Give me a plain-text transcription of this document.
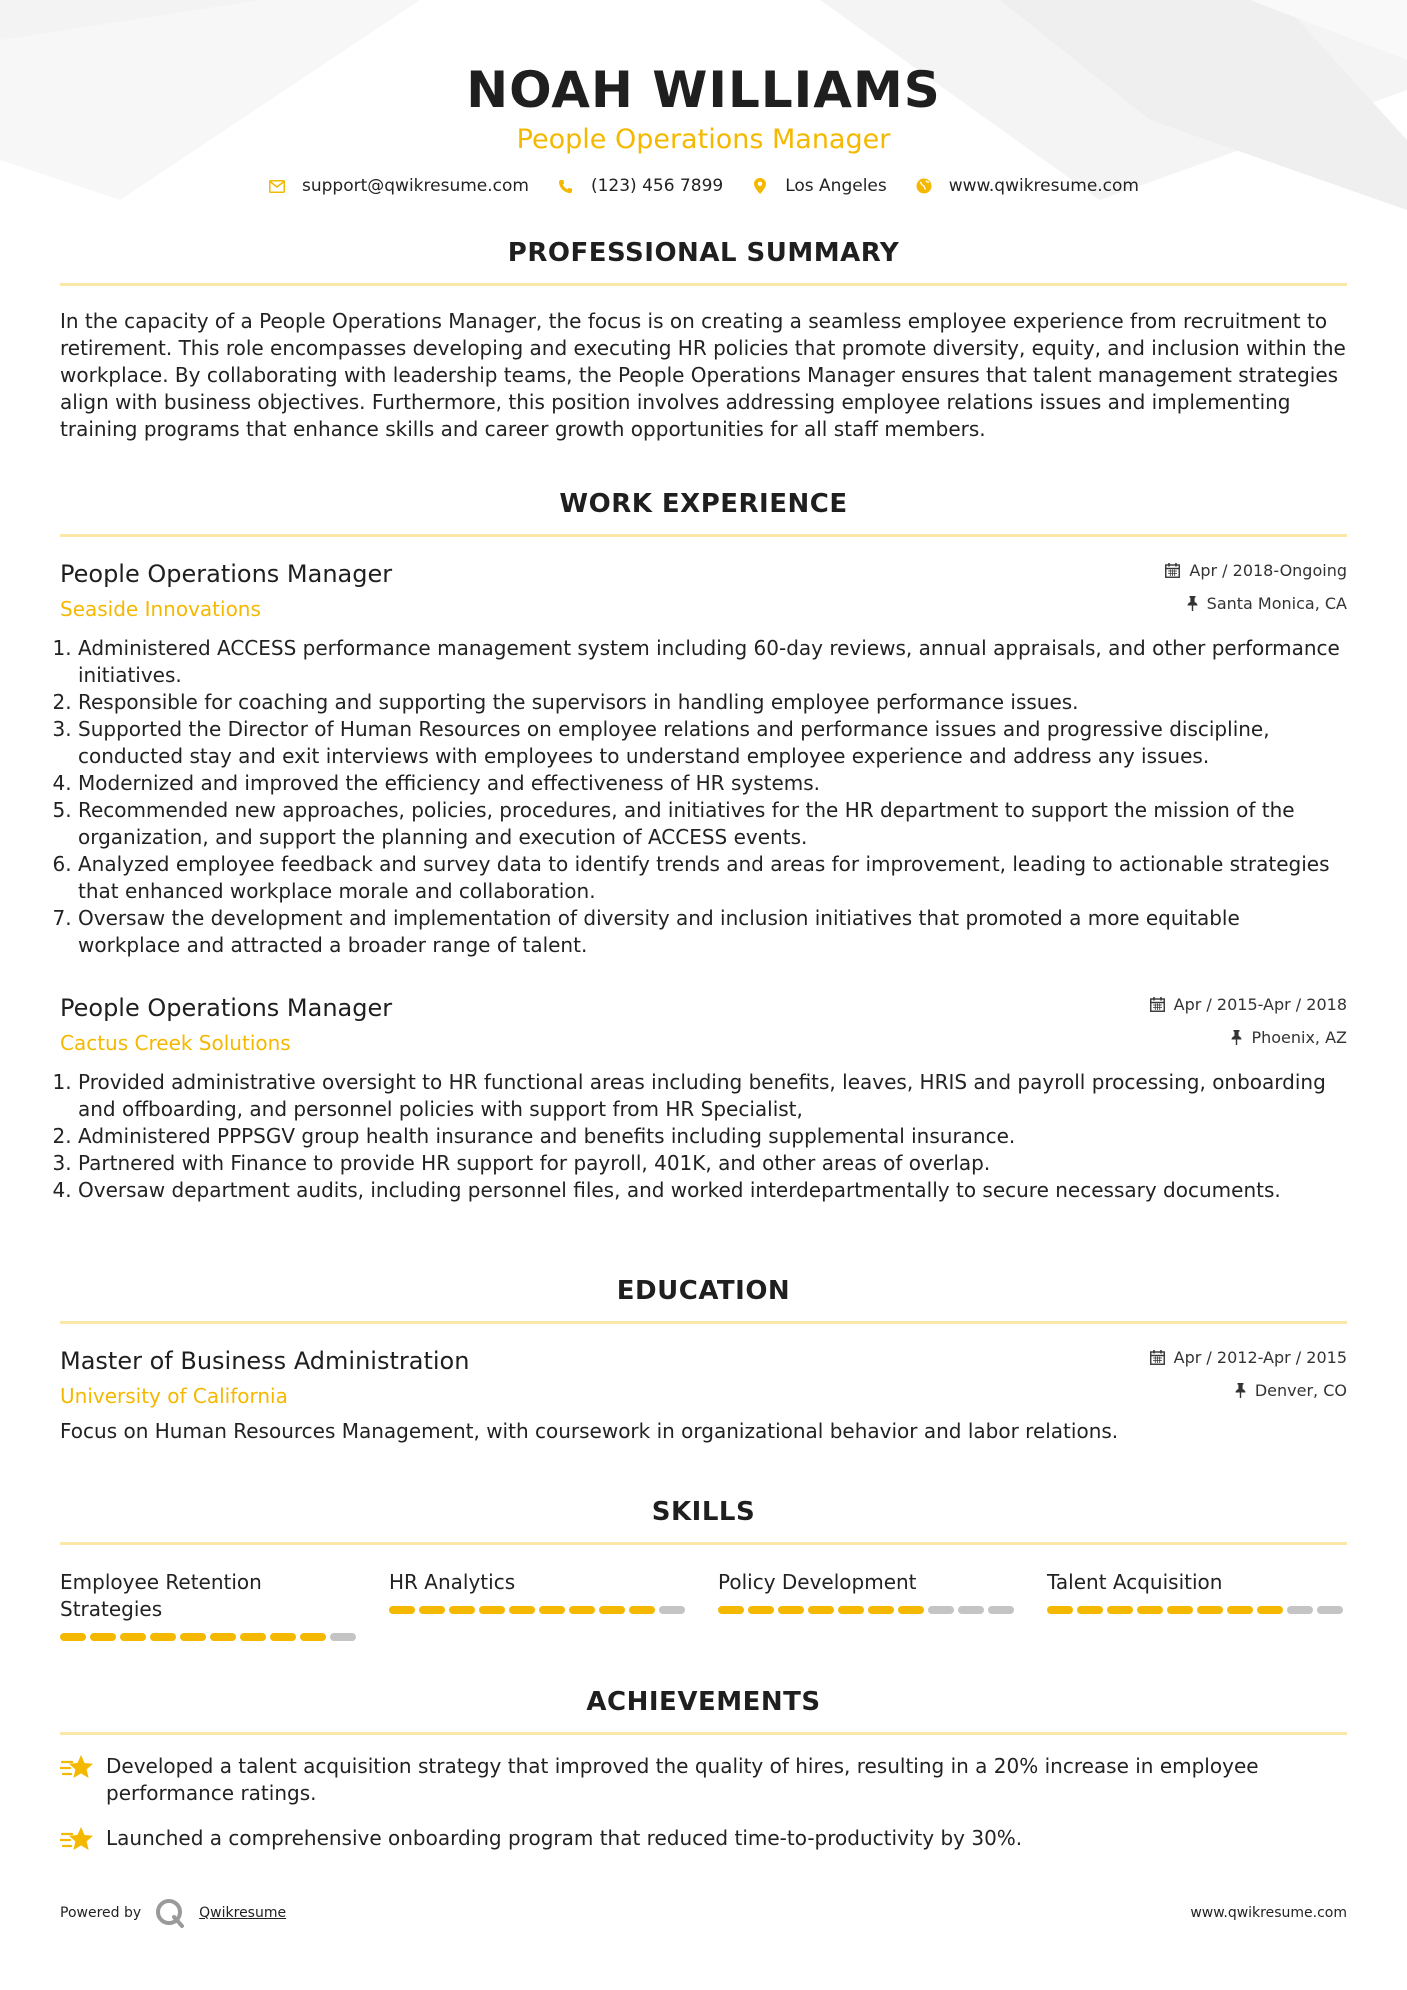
NOAH WILLIAMS
People Operations Manager
support@qwikresume.com	(123) 456 7899	Los Angeles	www.qwikresume.com
PROFESSIONAL SUMMARY
In the capacity of a People Operations Manager, the focus is on creating a seamless employee experience from recruitment to retirement. This role encompasses developing and executing HR policies that promote diversity, equity, and inclusion within the workplace. By collaborating with leadership teams, the People Operations Manager ensures that talent management strategies align with business objectives. Furthermore, this position involves addressing employee relations issues and implementing training programs that enhance skills and career growth opportunities for all staff members.
WORK EXPERIENCE
People Operations Manager
Seaside Innovations
Apr / 2018-Ongoing
Santa Monica, CA
1. Administered ACCESS performance management system including 60-day reviews, annual appraisals, and other performance initiatives.
2. Responsible for coaching and supporting the supervisors in handling employee performance issues.
3. Supported the Director of Human Resources on employee relations and performance issues and progressive discipline, conducted stay and exit interviews with employees to understand employee experience and address any issues.
4. Modernized and improved the efficiency and effectiveness of HR systems.
5. Recommended new approaches, policies, procedures, and initiatives for the HR department to support the mission of the organization, and support the planning and execution of ACCESS events.
6. Analyzed employee feedback and survey data to identify trends and areas for improvement, leading to actionable strategies that enhanced workplace morale and collaboration.
7. Oversaw the development and implementation of diversity and inclusion initiatives that promoted a more equitable workplace and attracted a broader range of talent.
People Operations Manager
Cactus Creek Solutions
Apr / 2015-Apr / 2018
Phoenix, AZ
1. Provided administrative oversight to HR functional areas including benefits, leaves, HRIS and payroll processing, onboarding and offboarding, and personnel policies with support from HR Specialist,
2. Administered PPPSGV group health insurance and benefits including supplemental insurance.
3. Partnered with Finance to provide HR support for payroll, 401K, and other areas of overlap.
4. Oversaw department audits, including personnel files, and worked interdepartmentally to secure necessary documents.
EDUCATION
Master of Business Administration
University of California
Apr / 2012-Apr / 2015
Denver, CO
Focus on Human Resources Management, with coursework in organizational behavior and labor relations.
SKILLS
Employee Retention Strategies
HR Analytics	Policy Development	Talent Acquisition
ACHIEVEMENTS
Developed a talent acquisition strategy that improved the quality of hires, resulting in a 20% increase in employee performance ratings.
Launched a comprehensive onboarding program that reduced time-to-productivity by 30%.
Powered by	Qwikresume	www.qwikresume.com
